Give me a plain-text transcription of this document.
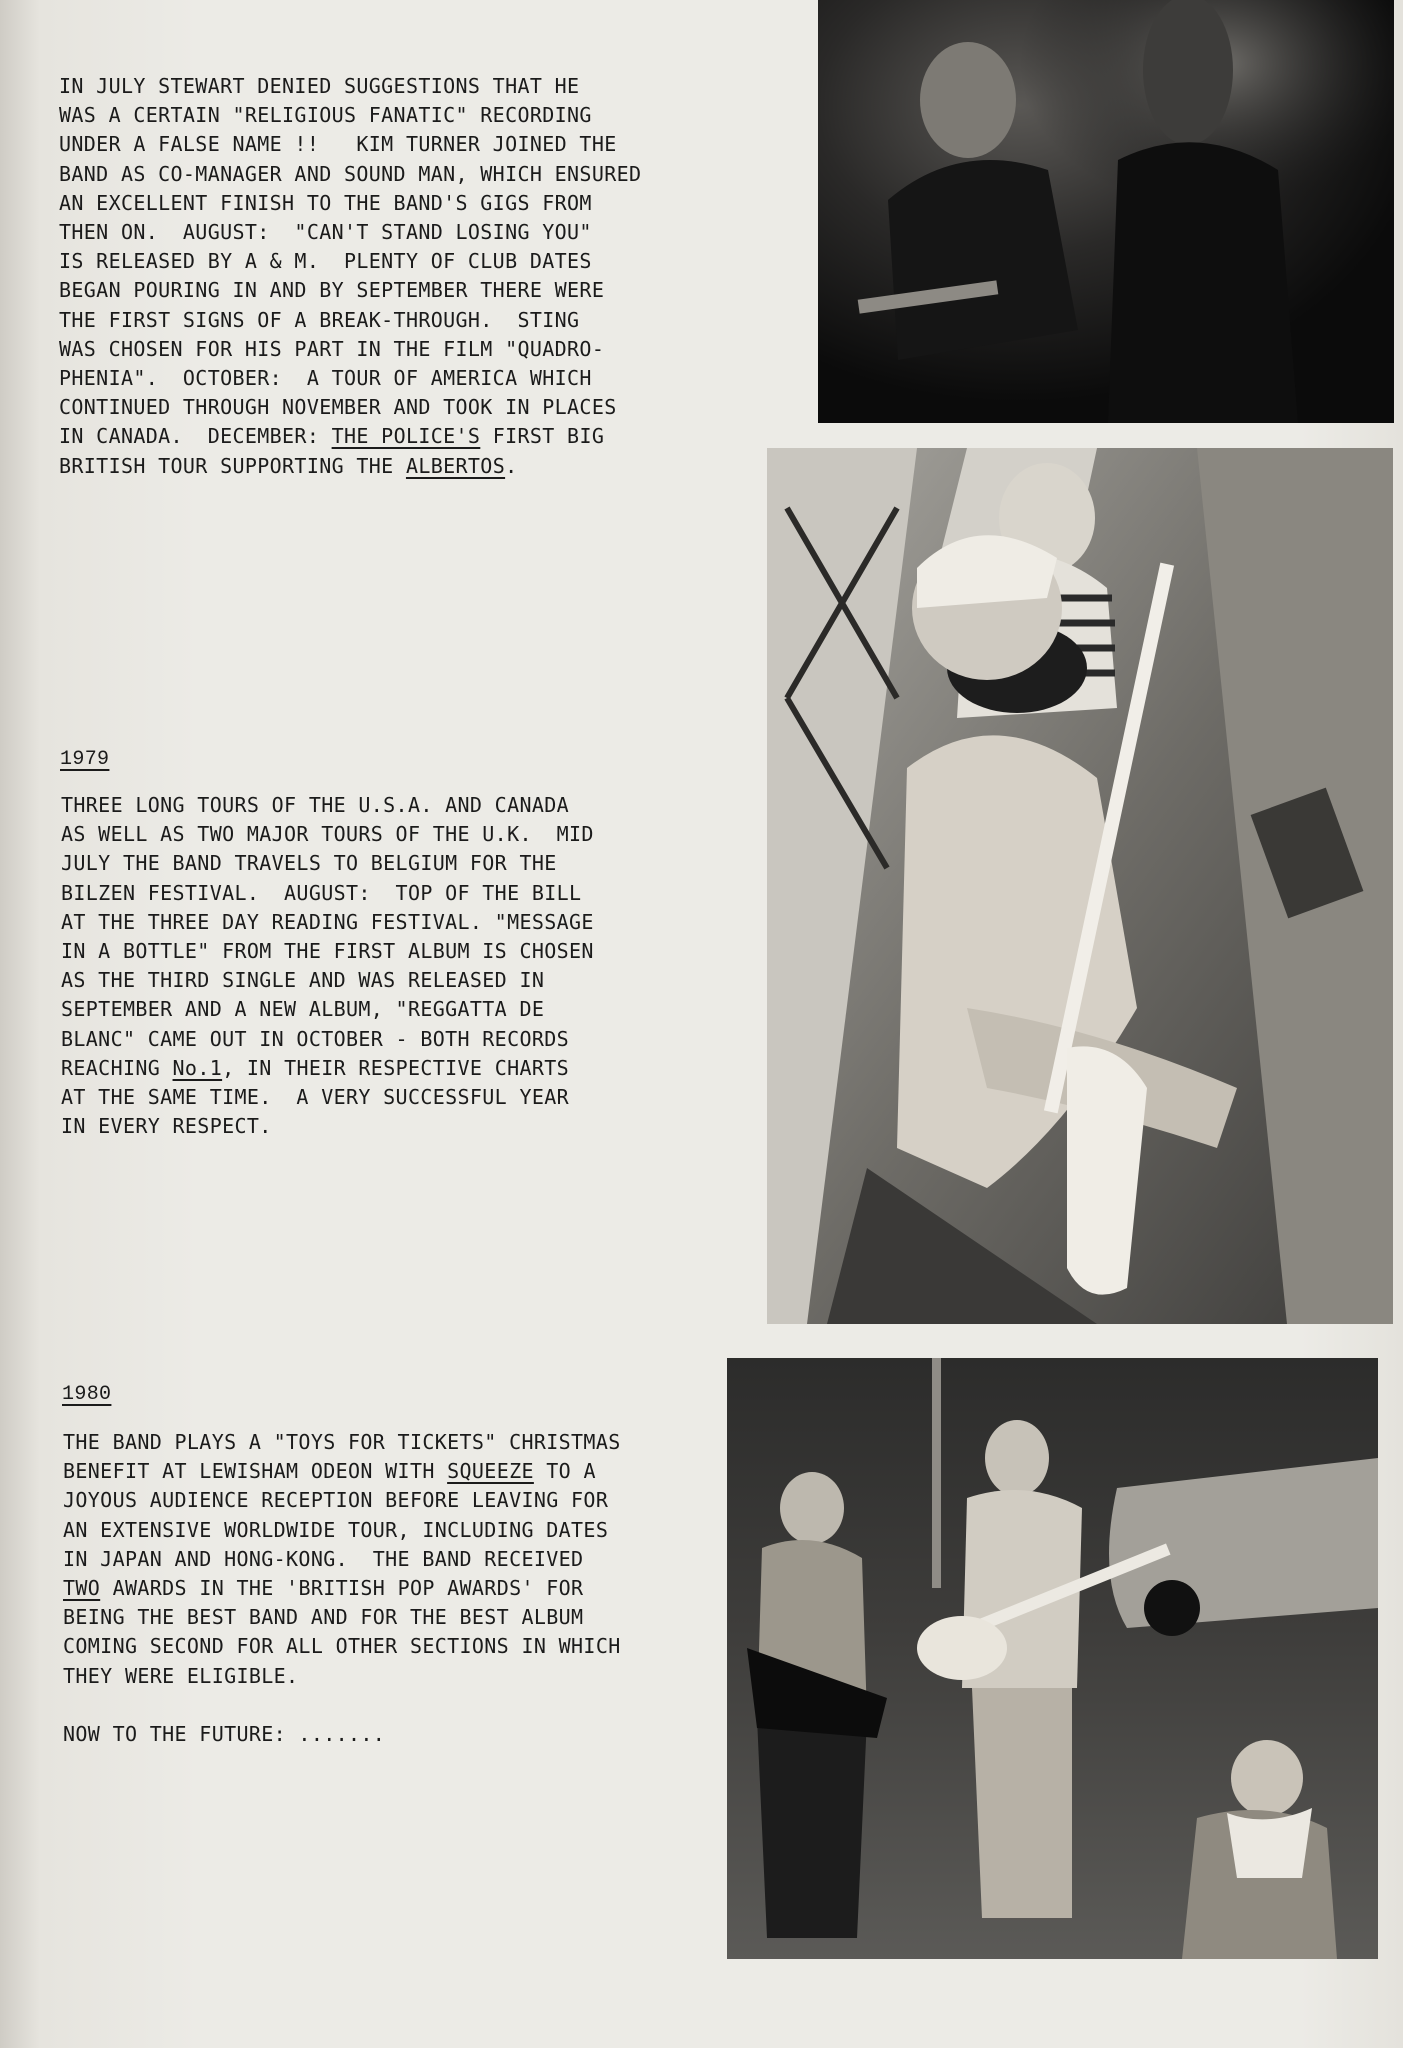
IN JULY STEWART DENIED SUGGESTIONS THAT HE
WAS A CERTAIN "RELIGIOUS FANATIC" RECORDING
UNDER A FALSE NAME !!   KIM TURNER JOINED THE
BAND AS CO-MANAGER AND SOUND MAN, WHICH ENSURED
AN EXCELLENT FINISH TO THE BAND'S GIGS FROM
THEN ON.  AUGUST:  "CAN'T STAND LOSING YOU"
IS RELEASED BY A & M.  PLENTY OF CLUB DATES
BEGAN POURING IN AND BY SEPTEMBER THERE WERE
THE FIRST SIGNS OF A BREAK-THROUGH.  STING
WAS CHOSEN FOR HIS PART IN THE FILM "QUADRO-
PHENIA".  OCTOBER:  A TOUR OF AMERICA WHICH
CONTINUED THROUGH NOVEMBER AND TOOK IN PLACES
IN CANADA.  DECEMBER: THE POLICE'S FIRST BIG
BRITISH TOUR SUPPORTING THE ALBERTOS.
1979
THREE LONG TOURS OF THE U.S.A. AND CANADA
AS WELL AS TWO MAJOR TOURS OF THE U.K.  MID
JULY THE BAND TRAVELS TO BELGIUM FOR THE
BILZEN FESTIVAL.  AUGUST:  TOP OF THE BILL
AT THE THREE DAY READING FESTIVAL. "MESSAGE
IN A BOTTLE" FROM THE FIRST ALBUM IS CHOSEN
AS THE THIRD SINGLE AND WAS RELEASED IN
SEPTEMBER AND A NEW ALBUM, "REGGATTA DE
BLANC" CAME OUT IN OCTOBER - BOTH RECORDS
REACHING No.1, IN THEIR RESPECTIVE CHARTS
AT THE SAME TIME.  A VERY SUCCESSFUL YEAR
IN EVERY RESPECT.
1980
THE BAND PLAYS A "TOYS FOR TICKETS" CHRISTMAS
BENEFIT AT LEWISHAM ODEON WITH SQUEEZE TO A
JOYOUS AUDIENCE RECEPTION BEFORE LEAVING FOR
AN EXTENSIVE WORLDWIDE TOUR, INCLUDING DATES
IN JAPAN AND HONG-KONG.  THE BAND RECEIVED
TWO AWARDS IN THE 'BRITISH POP AWARDS' FOR
BEING THE BEST BAND AND FOR THE BEST ALBUM
COMING SECOND FOR ALL OTHER SECTIONS IN WHICH
THEY WERE ELIGIBLE.

NOW TO THE FUTURE: .......
